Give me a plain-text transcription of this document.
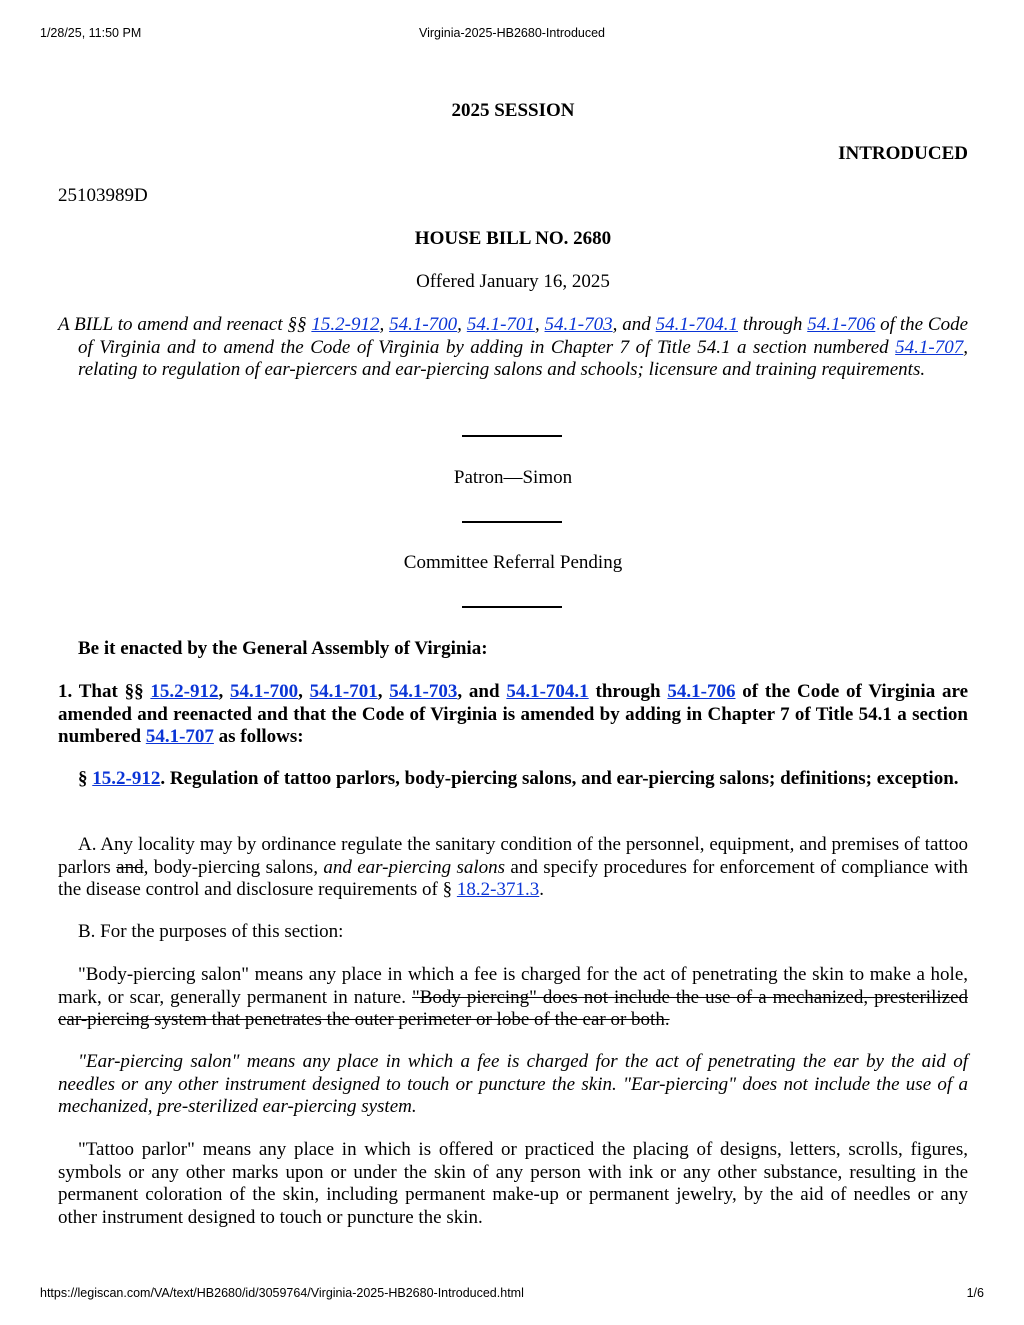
1/28/25, 11:50 PM	Virginia-2025-HB2680-Introduced

2025 SESSION

INTRODUCED

25103989D

HOUSE BILL NO. 2680

Offered January 16, 2025

A BILL to amend and reenact §§ 15.2-912, 54.1-700, 54.1-701, 54.1-703, and 54.1-704.1 through 54.1-706 of the Code of Virginia and to amend the Code of Virginia by adding in Chapter 7 of Title 54.1 a section numbered 54.1-707, relating to regulation of ear-piercers and ear-piercing salons and schools; licensure and training requirements.

Patron—Simon

Committee Referral Pending

Be it enacted by the General Assembly of Virginia:

1. That §§ 15.2-912, 54.1-700, 54.1-701, 54.1-703, and 54.1-704.1 through 54.1-706 of the Code of Virginia are amended and reenacted and that the Code of Virginia is amended by adding in Chapter 7 of Title 54.1 a section numbered 54.1-707 as follows:

§ 15.2-912. Regulation of tattoo parlors, body-piercing salons, and ear-piercing salons; definitions; exception.

A. Any locality may by ordinance regulate the sanitary condition of the personnel, equipment, and premises of tattoo parlors and, body-piercing salons, and ear-piercing salons and specify procedures for enforcement of compliance with the disease control and disclosure requirements of § 18.2-371.3.

B. For the purposes of this section:

"Body-piercing salon" means any place in which a fee is charged for the act of penetrating the skin to make a hole, mark, or scar, generally permanent in nature. "Body piercing" does not include the use of a mechanized, presterilized ear-piercing system that penetrates the outer perimeter or lobe of the ear or both.

"Ear-piercing salon" means any place in which a fee is charged for the act of penetrating the ear by the aid of needles or any other instrument designed to touch or puncture the skin. "Ear-piercing" does not include the use of a mechanized, pre-sterilized ear-piercing system.

"Tattoo parlor" means any place in which is offered or practiced the placing of designs, letters, scrolls, figures, symbols or any other marks upon or under the skin of any person with ink or any other substance, resulting in the permanent coloration of the skin, including permanent make-up or permanent jewelry, by the aid of needles or any other instrument designed to touch or puncture the skin.

https://legiscan.com/VA/text/HB2680/id/3059764/Virginia-2025-HB2680-Introduced.html	1/6
